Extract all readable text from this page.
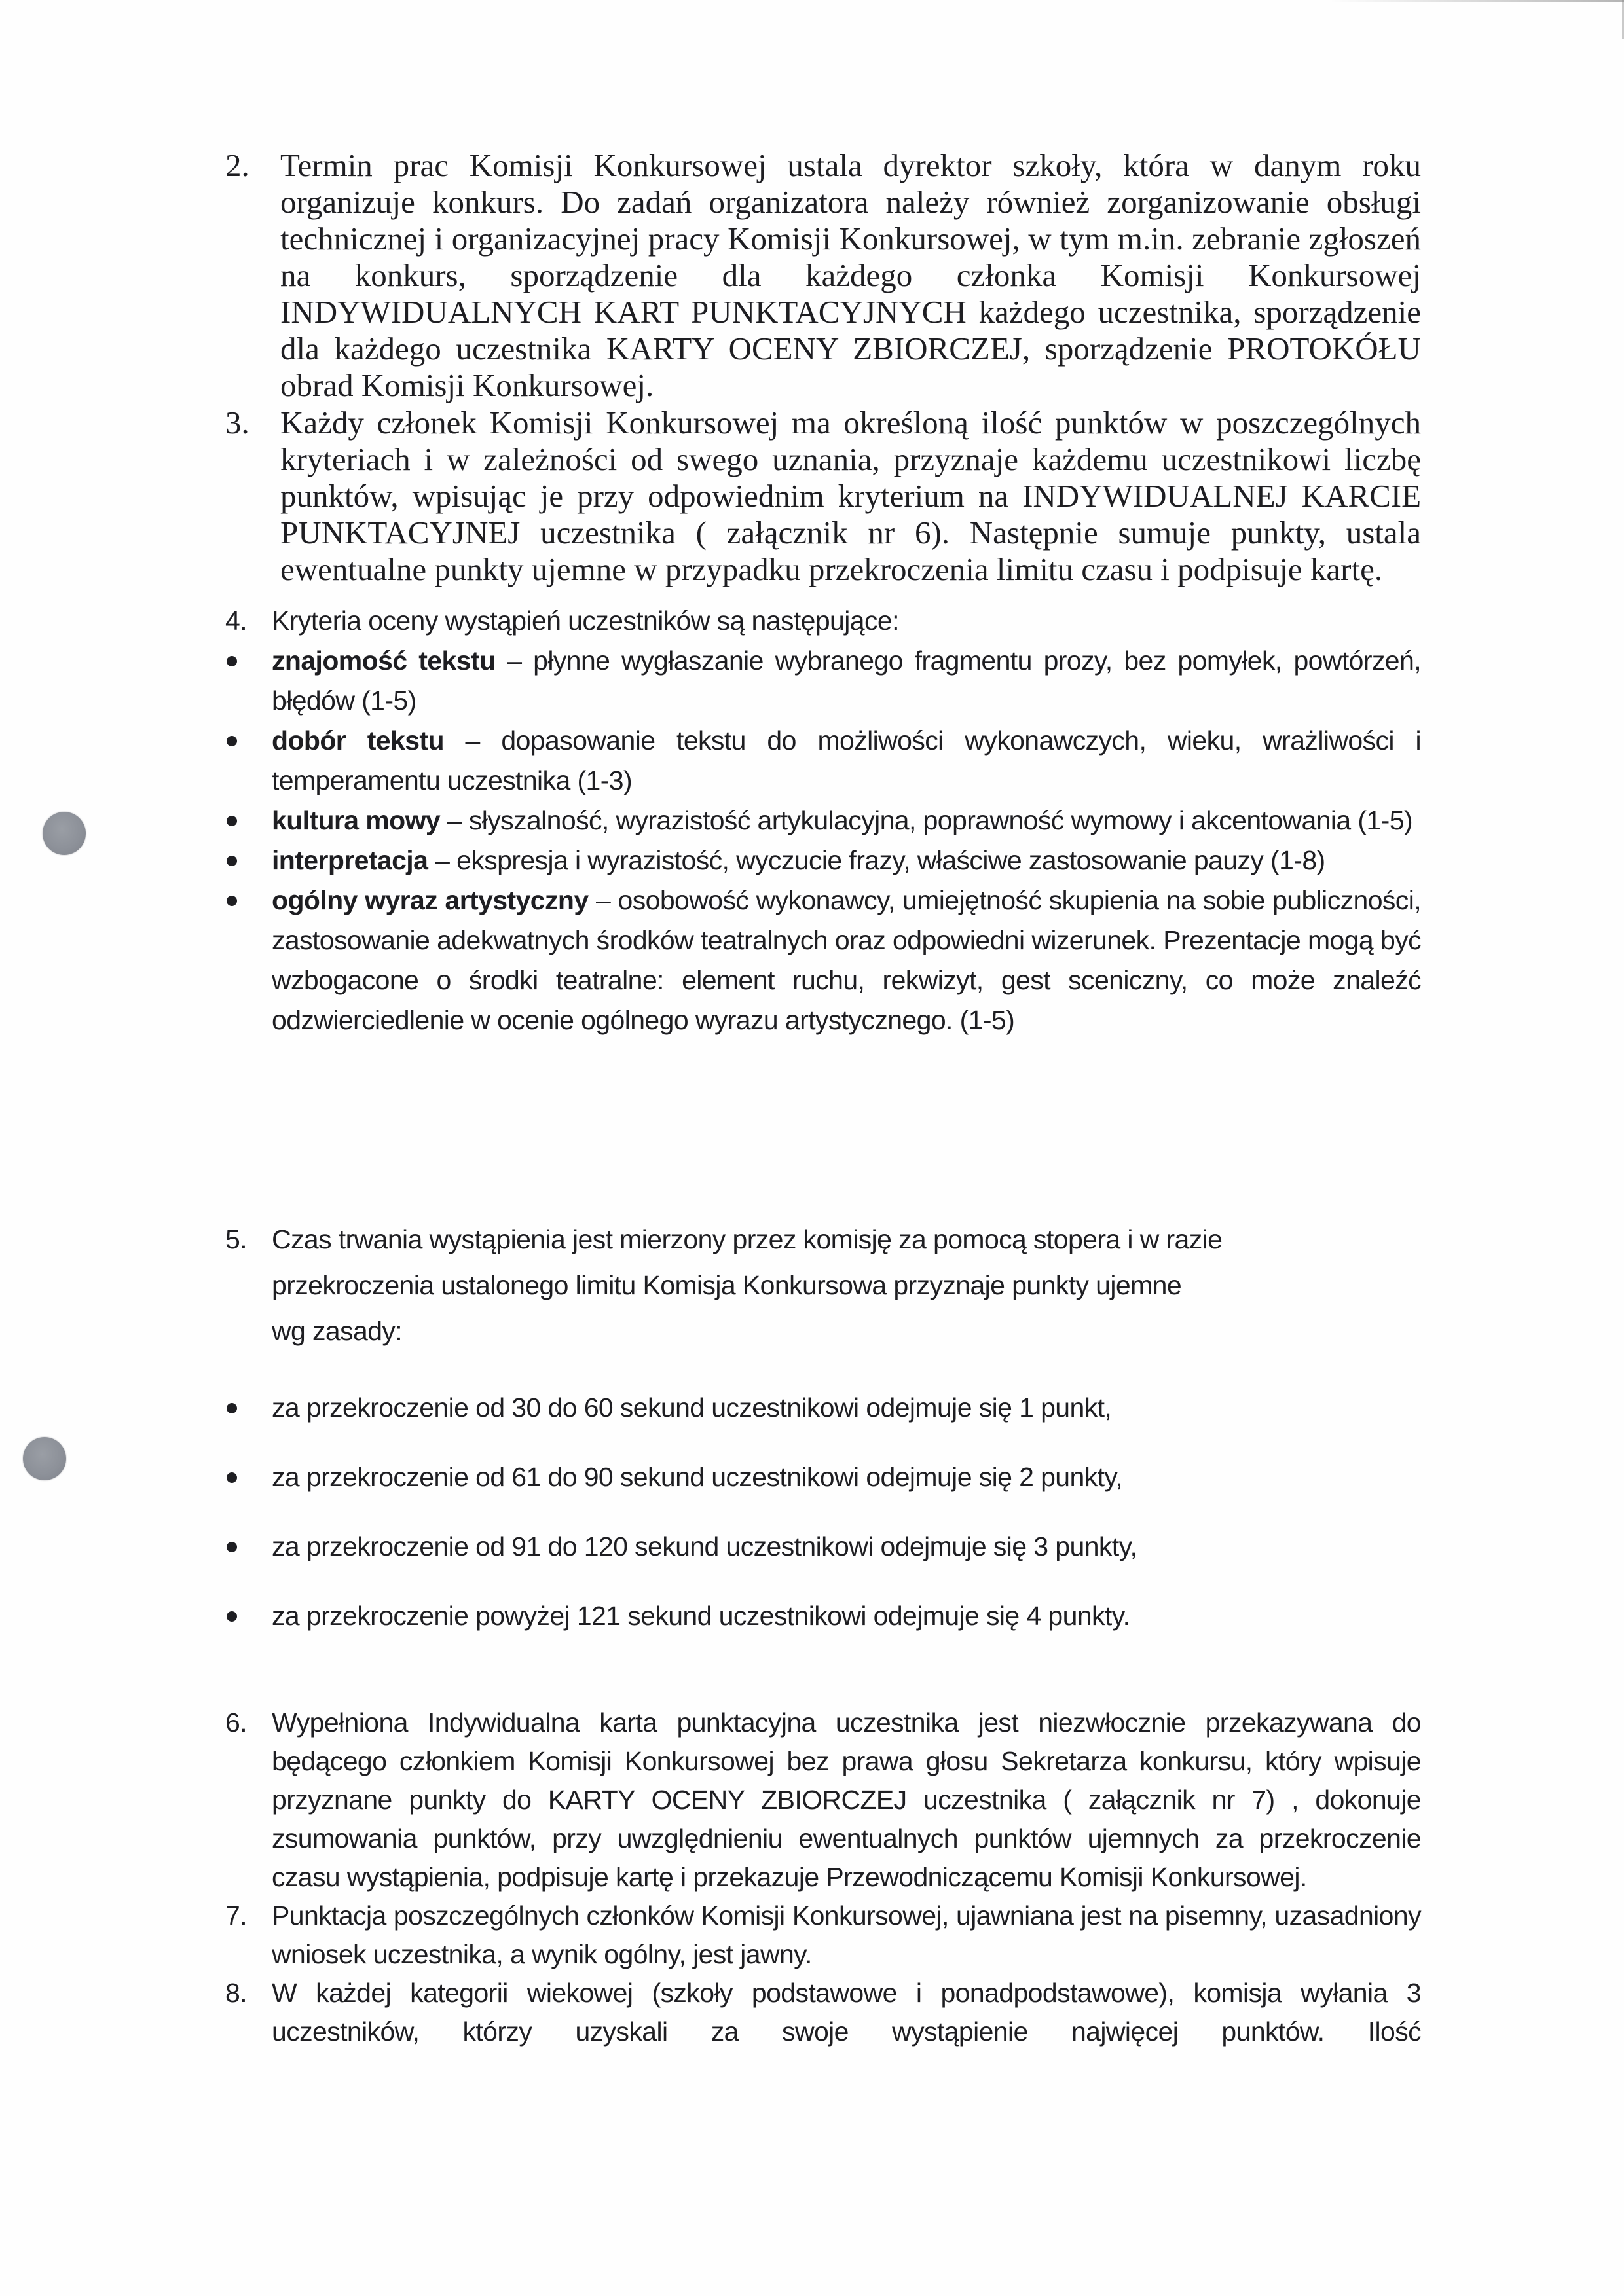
2. Termin prac Komisji Konkursowej ustala dyrektor szkoły, która w danym roku organizuje konkurs. Do zadań organizatora należy również zorganizowanie obsługi technicznej i organizacyjnej pracy Komisji Konkursowej, w tym m.in. zebranie zgłoszeń na konkurs, sporządzenie dla każdego członka Komisji Konkursowej INDYWIDUALNYCH KART PUNKTACYJNYCH każdego uczestnika, sporządzenie dla każdego uczestnika KARTY OCENY ZBIORCZEJ, sporządzenie PROTOKÓŁU obrad Komisji Konkursowej.
3. Każdy członek Komisji Konkursowej ma określoną ilość punktów w poszczególnych kryteriach i w zależności od swego uznania, przyznaje każdemu uczestnikowi liczbę punktów, wpisując je przy odpowiednim kryterium na INDYWIDUALNEJ KARCIE PUNKTACYJNEJ uczestnika ( załącznik nr 6). Następnie sumuje punkty, ustala ewentualne punkty ujemne w przypadku przekroczenia limitu czasu i podpisuje kartę.
4. Kryteria oceny wystąpień uczestników są następujące:
znajomość tekstu – płynne wygłaszanie wybranego fragmentu prozy, bez pomyłek, powtórzeń, błędów (1-5)
dobór tekstu – dopasowanie tekstu do możliwości wykonawczych, wieku, wrażliwości i temperamentu uczestnika (1-3)
kultura mowy – słyszalność, wyrazistość artykulacyjna, poprawność wymowy i akcentowania (1-5)
interpretacja – ekspresja i wyrazistość, wyczucie frazy, właściwe zastosowanie pauzy (1-8)
ogólny wyraz artystyczny – osobowość wykonawcy, umiejętność skupienia na sobie publiczności, zastosowanie adekwatnych środków teatralnych oraz odpowiedni wizerunek. Prezentacje mogą być wzbogacone o środki teatralne: element ruchu, rekwizyt, gest sceniczny, co może znaleźć odzwierciedlenie w ocenie ogólnego wyrazu artystycznego. (1-5)
5. Czas trwania wystąpienia jest mierzony przez komisję za pomocą stopera i w razie
przekroczenia ustalonego limitu Komisja Konkursowa przyznaje punkty ujemne
wg zasady:
za przekroczenie od 30 do 60 sekund uczestnikowi odejmuje się 1 punkt,
za przekroczenie od 61 do 90 sekund uczestnikowi odejmuje się 2 punkty,
za przekroczenie od 91 do 120 sekund uczestnikowi odejmuje się 3 punkty,
za przekroczenie powyżej 121 sekund uczestnikowi odejmuje się 4 punkty.
6. Wypełniona Indywidualna karta punktacyjna uczestnika jest niezwłocznie przekazywana do będącego członkiem Komisji Konkursowej bez prawa głosu Sekretarza konkursu, który wpisuje przyznane punkty do KARTY OCENY ZBIORCZEJ uczestnika ( załącznik nr 7) , dokonuje zsumowania punktów, przy uwzględnieniu ewentualnych punktów ujemnych za przekroczenie czasu wystąpienia, podpisuje kartę i przekazuje Przewodniczącemu Komisji Konkursowej.
7. Punktacja poszczególnych członków Komisji Konkursowej, ujawniana jest na pisemny, uzasadniony wniosek uczestnika, a wynik ogólny, jest jawny.
8. W każdej kategorii wiekowej (szkoły podstawowe i ponadpodstawowe), komisja wyłania 3 uczestników, którzy uzyskali za swoje wystąpienie najwięcej punktów. Ilość
